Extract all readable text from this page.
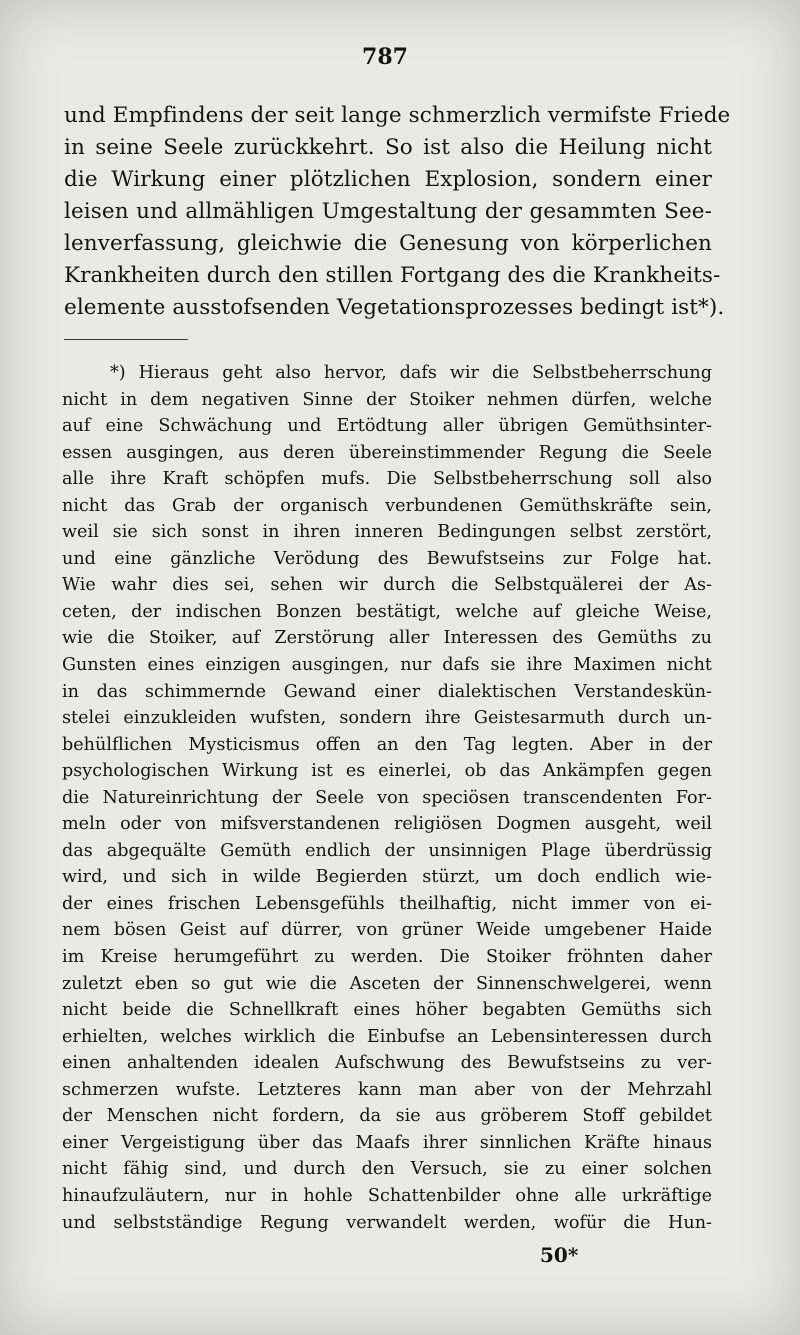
787
und Empfindens der seit lange schmerzlich vermifste Friede
in seine Seele zurückkehrt. So ist also die Heilung nicht
die Wirkung einer plötzlichen Explosion, sondern einer
leisen und allmähligen Umgestaltung der gesammten See-
lenverfassung, gleichwie die Genesung von körperlichen
Krankheiten durch den stillen Fortgang des die Krankheits-
elemente ausstofsenden Vegetationsprozesses bedingt ist*).
*) Hieraus geht also hervor, dafs wir die Selbstbeherrschung
nicht in dem negativen Sinne der Stoiker nehmen dürfen, welche
auf eine Schwächung und Ertödtung aller übrigen Gemüthsinter-
essen ausgingen, aus deren übereinstimmender Regung die Seele
alle ihre Kraft schöpfen mufs. Die Selbstbeherrschung soll also
nicht das Grab der organisch verbundenen Gemüthskräfte sein,
weil sie sich sonst in ihren inneren Bedingungen selbst zerstört,
und eine gänzliche Verödung des Bewufstseins zur Folge hat.
Wie wahr dies sei, sehen wir durch die Selbstquälerei der As-
ceten, der indischen Bonzen bestätigt, welche auf gleiche Weise,
wie die Stoiker, auf Zerstörung aller Interessen des Gemüths zu
Gunsten eines einzigen ausgingen, nur dafs sie ihre Maximen nicht
in das schimmernde Gewand einer dialektischen Verstandeskün-
stelei einzukleiden wufsten, sondern ihre Geistesarmuth durch un-
behülflichen Mysticismus offen an den Tag legten. Aber in der
psychologischen Wirkung ist es einerlei, ob das Ankämpfen gegen
die Natureinrichtung der Seele von speciösen transcendenten For-
meln oder von mifsverstandenen religiösen Dogmen ausgeht, weil
das abgequälte Gemüth endlich der unsinnigen Plage überdrüssig
wird, und sich in wilde Begierden stürzt, um doch endlich wie-
der eines frischen Lebensgefühls theilhaftig, nicht immer von ei-
nem bösen Geist auf dürrer, von grüner Weide umgebener Haide
im Kreise herumgeführt zu werden. Die Stoiker fröhnten daher
zuletzt eben so gut wie die Asceten der Sinnenschwelgerei, wenn
nicht beide die Schnellkraft eines höher begabten Gemüths sich
erhielten, welches wirklich die Einbufse an Lebensinteressen durch
einen anhaltenden idealen Aufschwung des Bewufstseins zu ver-
schmerzen wufste. Letzteres kann man aber von der Mehrzahl
der Menschen nicht fordern, da sie aus gröberem Stoff gebildet
einer Vergeistigung über das Maafs ihrer sinnlichen Kräfte hinaus
nicht fähig sind, und durch den Versuch, sie zu einer solchen
hinaufzuläutern, nur in hohle Schattenbilder ohne alle urkräftige
und selbstständige Regung verwandelt werden, wofür die Hun-
50*
